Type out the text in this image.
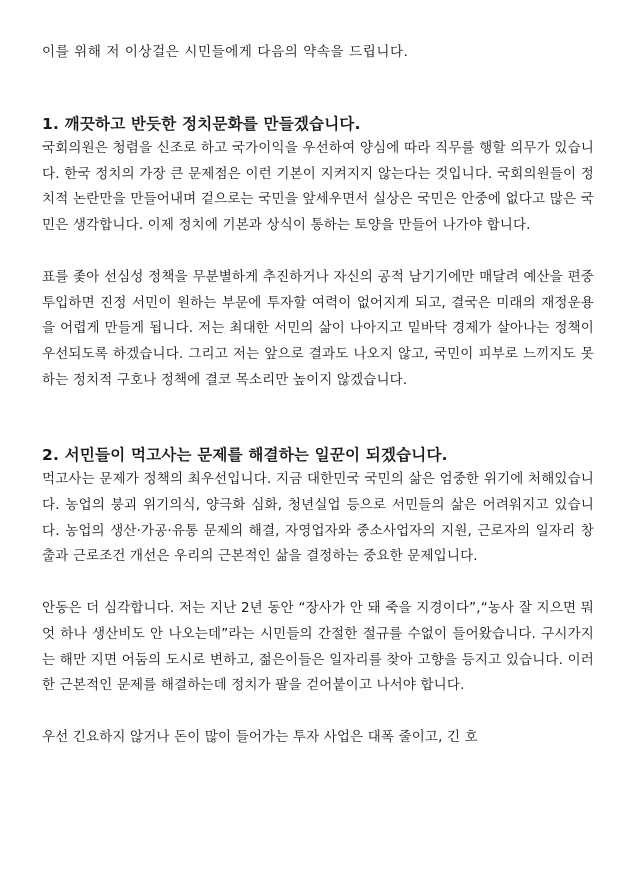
이를 위해 저 이상걸은 시민들에게 다음의 약속을 드립니다.

1. 깨끗하고 반듯한 정치문화를 만들겠습니다.

국회의원은 청렴을 신조로 하고 국가이익을 우선하여 양심에 따라 직무를 행할 의무가 있습니다. 한국 정치의 가장 큰 문제점은 이런 기본이 지켜지지 않는다는 것입니다. 국회의원들이 정치적 논란만을 만들어내며 겉으로는 국민을 앞세우면서 실상은 국민은 안중에 없다고 많은 국민은 생각합니다. 이제 정치에 기본과 상식이 통하는 토양을 만들어 나가야 합니다.

표를 좇아 선심성 정책을 무분별하게 추진하거나 자신의 공적 남기기에만 매달려 예산을 편중 투입하면 진정 서민이 원하는 부문에 투자할 여력이 없어지게 되고, 결국은 미래의 재정운용을 어렵게 만들게 됩니다. 저는 최대한 서민의 삶이 나아지고 밑바닥 경제가 살아나는 정책이 우선되도록 하겠습니다. 그리고 저는 앞으로 결과도 나오지 않고, 국민이 피부로 느끼지도 못하는 정치적 구호나 정책에 결코 목소리만 높이지 않겠습니다.

2. 서민들이 먹고사는 문제를 해결하는 일꾼이 되겠습니다.

먹고사는 문제가 정책의 최우선입니다. 지금 대한민국 국민의 삶은 엄중한 위기에 처해있습니다. 농업의 붕괴 위기의식, 양극화 심화, 청년실업 등으로 서민들의 삶은 어려워지고 있습니다. 농업의 생산·가공·유통 문제의 해결, 자영업자와 중소사업자의 지원, 근로자의 일자리 창출과 근로조건 개선은 우리의 근본적인 삶을 결정하는 중요한 문제입니다.

안동은 더 심각합니다. 저는 지난 2년 동안 “장사가 안 돼 죽을 지경이다”,“농사 잘 지으면 뭐엇 하나 생산비도 안 나오는데”라는 시민들의 간절한 절규를 수없이 들어왔습니다. 구시가지는 해만 지면 어둠의 도시로 변하고, 젊은이들은 일자리를 찾아 고향을 등지고 있습니다. 이러한 근본적인 문제를 해결하는데 정치가 팔을 걷어붙이고 나서야 합니다.

우선 긴요하지 않거나 돈이 많이 들어가는 투자 사업은 대폭 줄이고, 긴 호
